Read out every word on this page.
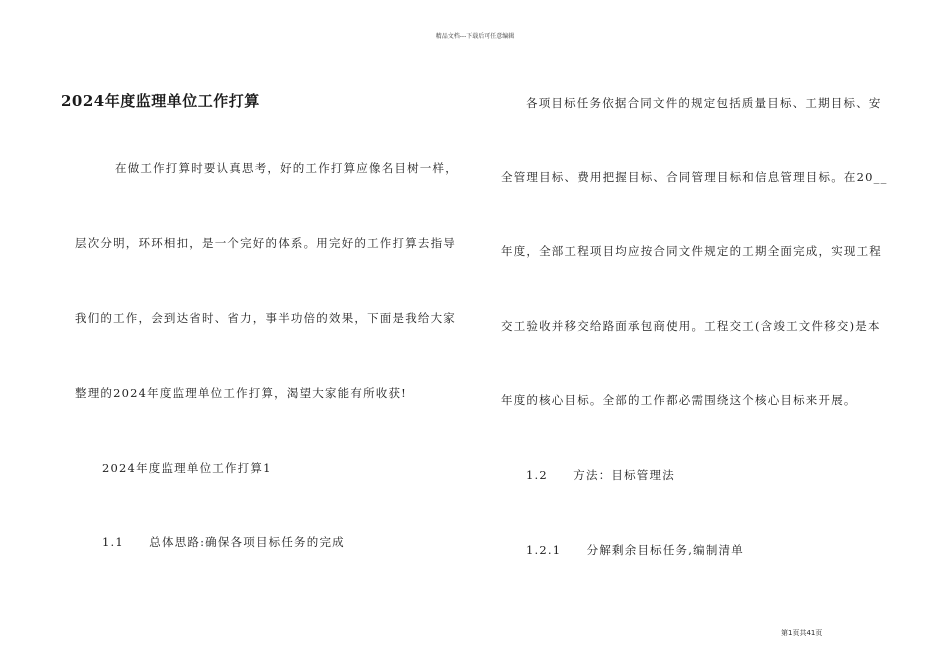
精品文档---下载后可任意编辑
2024年度监理单位工作打算
在做工作打算时要认真思考，好的工作打算应像名目树一样，
层次分明，环环相扣，是一个完好的体系。用完好的工作打算去指导
我们的工作，会到达省时、省力，事半功倍的效果，下面是我给大家
整理的2024年度监理单位工作打算，渴望大家能有所收获!
2024年度监理单位工作打算1
1.1　　总体思路:确保各项目标任务的完成
各项目标任务依据合同文件的规定包括质量目标、工期目标、安
全管理目标、费用把握目标、合同管理目标和信息管理目标。在20__
年度，全部工程项目均应按合同文件规定的工期全面完成，实现工程
交工验收并移交给路面承包商使用。工程交工(含竣工文件移交)是本
年度的核心目标。全部的工作都必需围绕这个核心目标来开展。
1.2　　方法：目标管理法
1.2.1　　分解剩余目标任务,编制清单
第1页共41页
